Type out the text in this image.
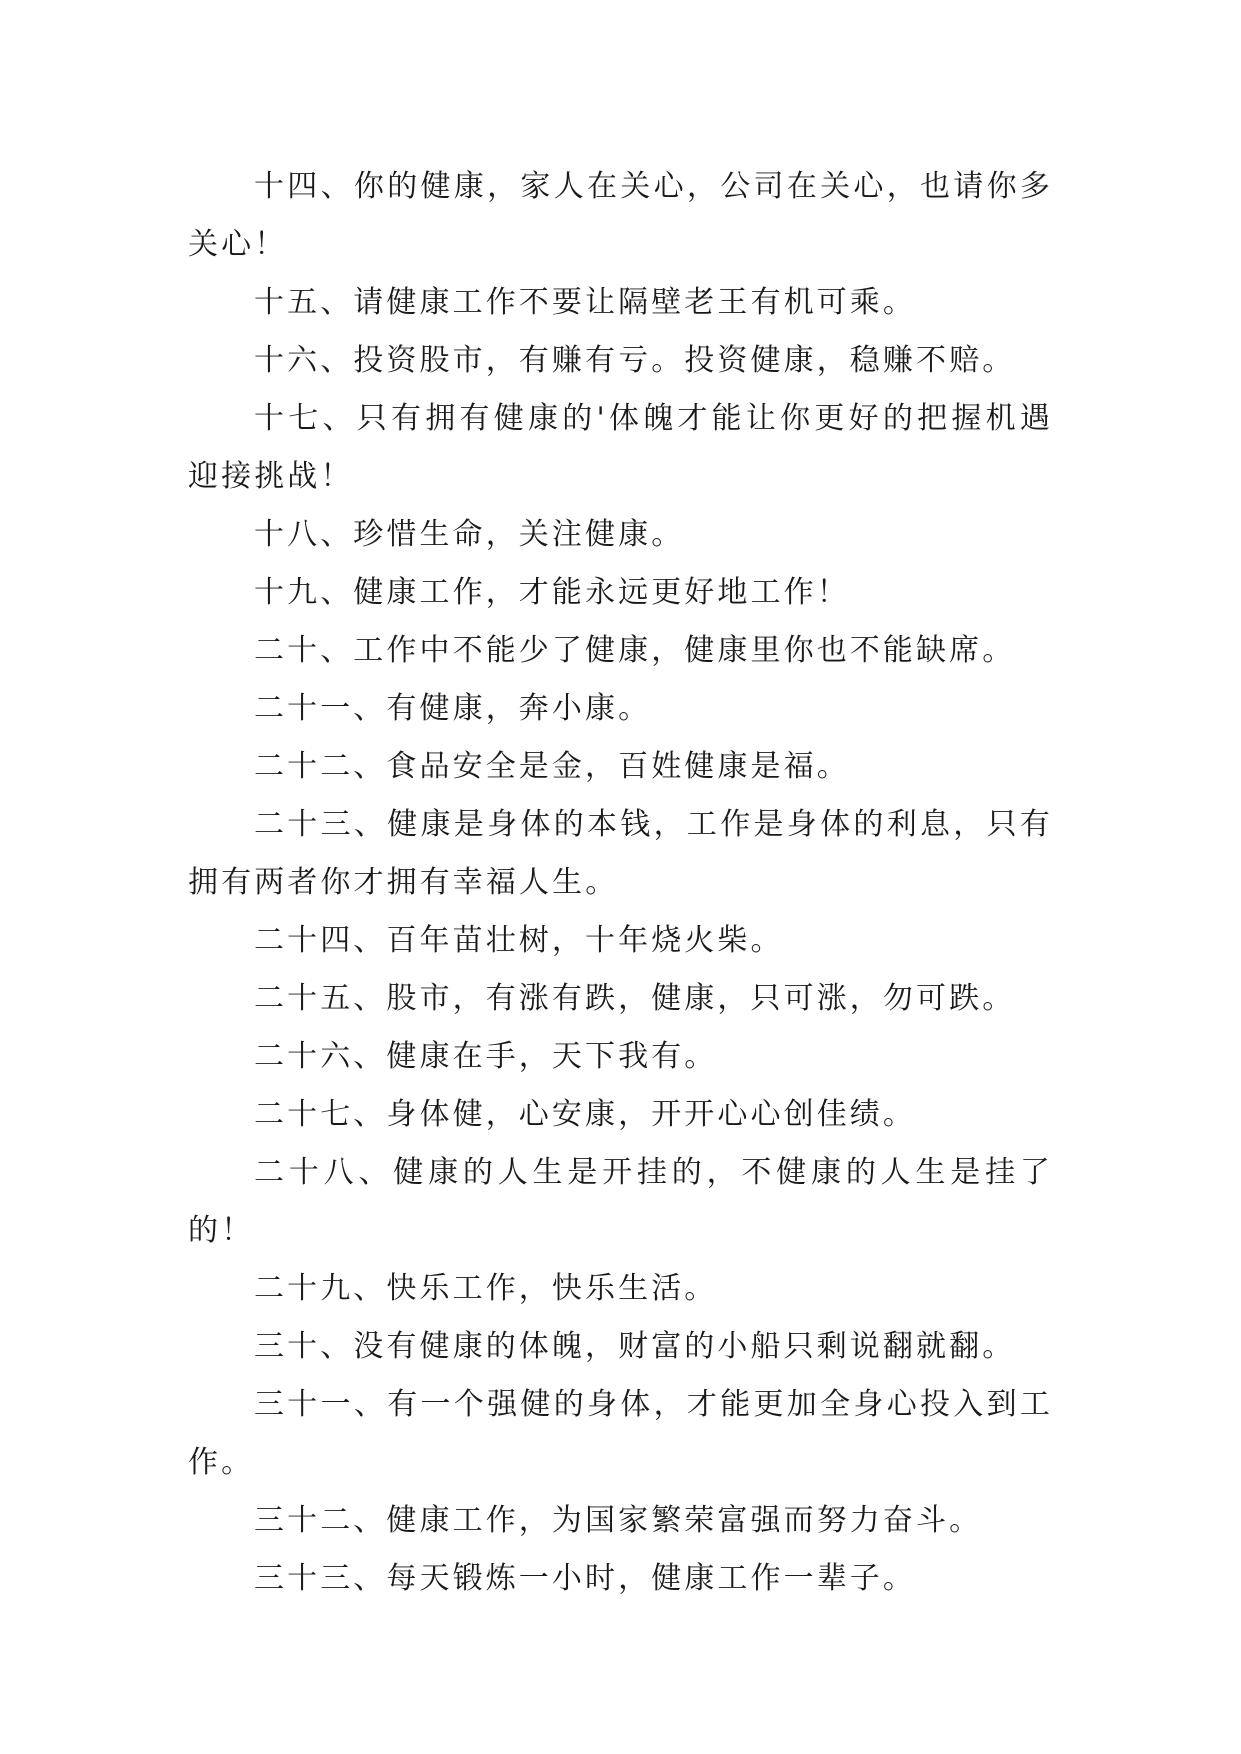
十四、你的健康，家人在关心，公司在关心，也请你多关心！

十五、请健康工作不要让隔壁老王有机可乘。

十六、投资股市，有赚有亏。投资健康，稳赚不赔。

十七、只有拥有健康的'体魄才能让你更好的把握机遇迎接挑战！

十八、珍惜生命，关注健康。

十九、健康工作，才能永远更好地工作！

二十、工作中不能少了健康，健康里你也不能缺席。

二十一、有健康，奔小康。

二十二、食品安全是金，百姓健康是福。

二十三、健康是身体的本钱，工作是身体的利息，只有拥有两者你才拥有幸福人生。

二十四、百年苗壮树，十年烧火柴。

二十五、股市，有涨有跌，健康，只可涨，勿可跌。

二十六、健康在手，天下我有。

二十七、身体健，心安康，开开心心创佳绩。

二十八、健康的人生是开挂的，不健康的人生是挂了的！

二十九、快乐工作，快乐生活。

三十、没有健康的体魄，财富的小船只剩说翻就翻。

三十一、有一个强健的身体，才能更加全身心投入到工作。

三十二、健康工作，为国家繁荣富强而努力奋斗。

三十三、每天锻炼一小时，健康工作一辈子。
